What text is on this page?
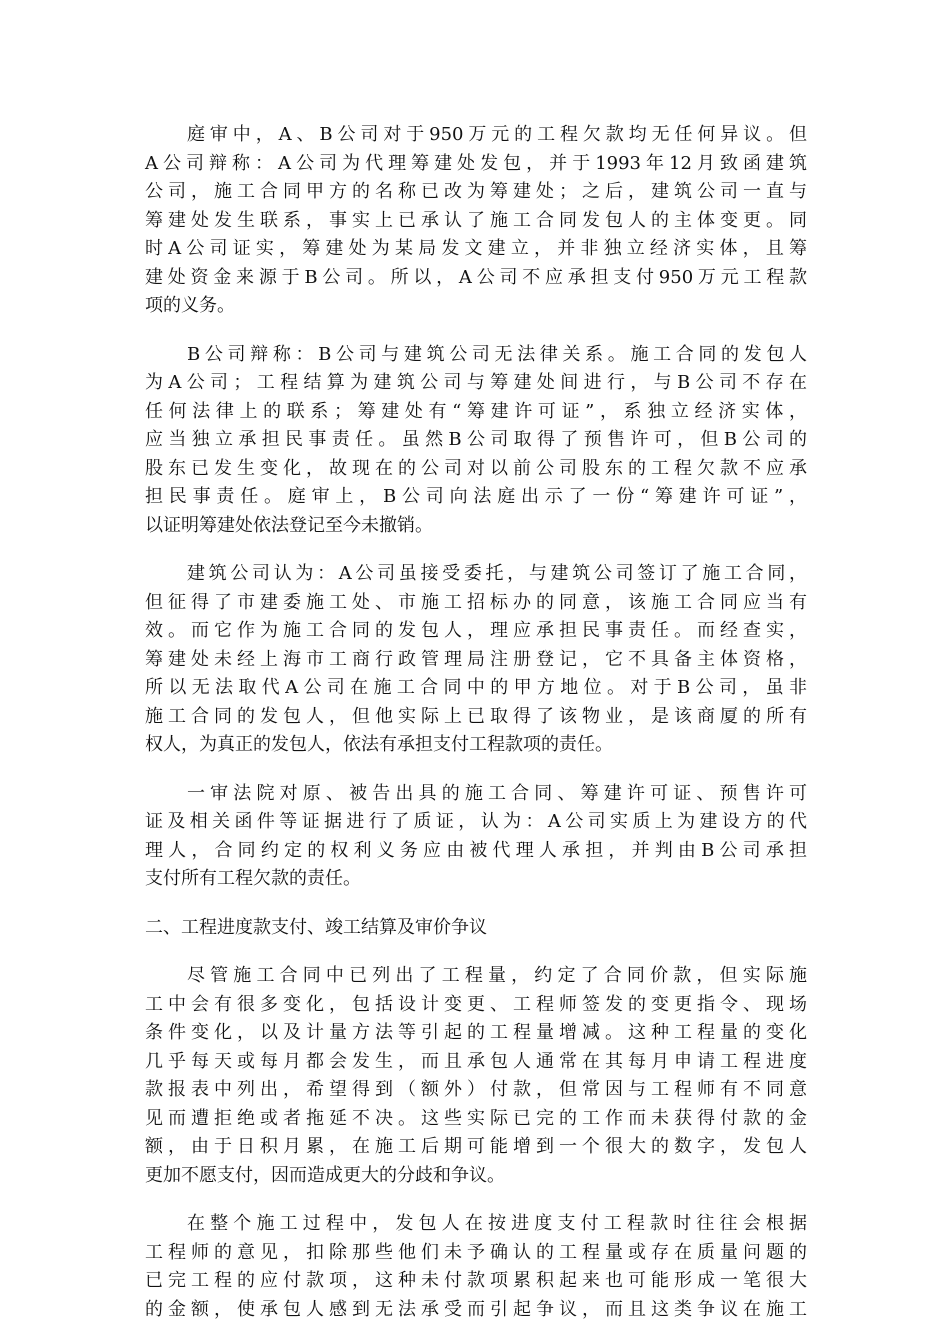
庭审中，A、B公司对于950万元的工程欠款均无任何异议。但
A公司辩称：A公司为代理筹建处发包，并于1993年12月致函建筑
公司，施工合同甲方的名称已改为筹建处；之后，建筑公司一直与
筹建处发生联系，事实上已承认了施工合同发包人的主体变更。同
时A公司证实，筹建处为某局发文建立，并非独立经济实体，且筹
建处资金来源于B公司。所以，A公司不应承担支付950万元工程款
项的义务。
B公司辩称：B公司与建筑公司无法律关系。施工合同的发包人
为A公司；工程结算为建筑公司与筹建处间进行，与B公司不存在
任何法律上的联系；筹建处有“筹建许可证”，系独立经济实体，
应当独立承担民事责任。虽然B公司取得了预售许可，但B公司的
股东已发生变化，故现在的公司对以前公司股东的工程欠款不应承
担民事责任。庭审上，B公司向法庭出示了一份“筹建许可证”，
以证明筹建处依法登记至今未撤销。
建筑公司认为：A公司虽接受委托，与建筑公司签订了施工合同，
但征得了市建委施工处、市施工招标办的同意，该施工合同应当有
效。而它作为施工合同的发包人，理应承担民事责任。而经查实，
筹建处未经上海市工商行政管理局注册登记，它不具备主体资格，
所以无法取代A公司在施工合同中的甲方地位。对于B公司，虽非
施工合同的发包人，但他实际上已取得了该物业，是该商厦的所有
权人，为真正的发包人，依法有承担支付工程款项的责任。
一审法院对原、被告出具的施工合同、筹建许可证、预售许可
证及相关函件等证据进行了质证，认为：A公司实质上为建设方的代
理人，合同约定的权利义务应由被代理人承担，并判由B公司承担
支付所有工程欠款的责任。
二、工程进度款支付、竣工结算及审价争议
尽管施工合同中已列出了工程量，约定了合同价款，但实际施
工中会有很多变化，包括设计变更、工程师签发的变更指令、现场
条件变化，以及计量方法等引起的工程量增减。这种工程量的变化
几乎每天或每月都会发生，而且承包人通常在其每月申请工程进度
款报表中列出，希望得到（额外）付款，但常因与工程师有不同意
见而遭拒绝或者拖延不决。这些实际已完的工作而未获得付款的金
额，由于日积月累，在施工后期可能增到一个很大的数字，发包人
更加不愿支付，因而造成更大的分歧和争议。
在整个施工过程中，发包人在按进度支付工程款时往往会根据
工程师的意见，扣除那些他们未予确认的工程量或存在质量问题的
已完工程的应付款项，这种未付款项累积起来也可能形成一笔很大
的金额，使承包人感到无法承受而引起争议，而且这类争议在施工
